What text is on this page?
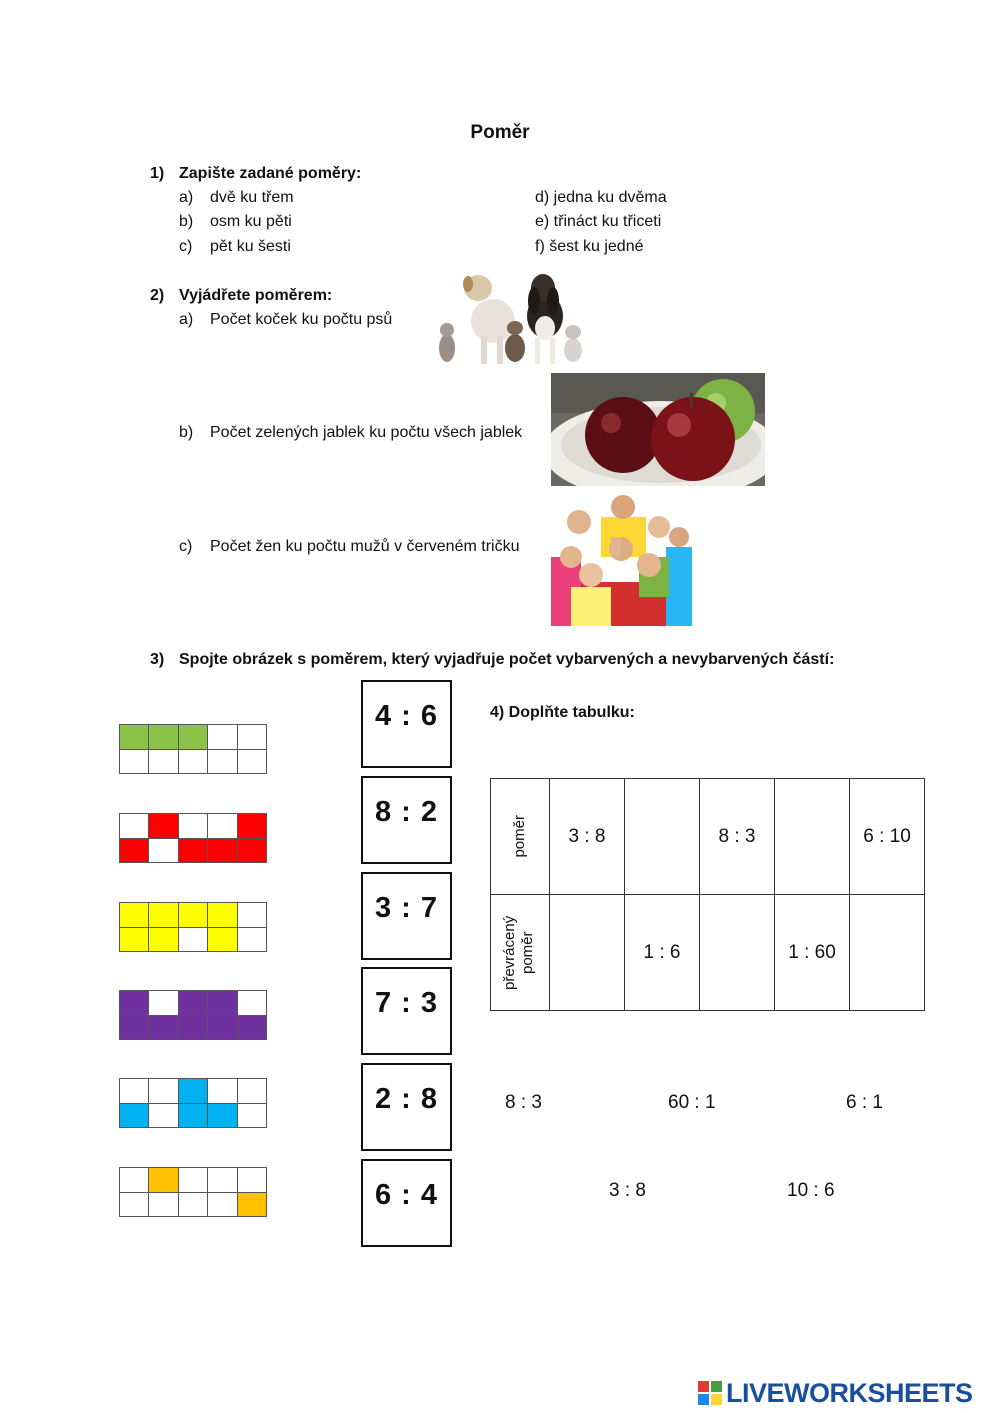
Poměr
1) Zapište zadané poměry:
a) dvě ku třem
b) osm ku pěti
c) pět ku šesti
d) jedna ku dvěma
e) třináct ku třiceti
f) šest ku jedné
2) Vyjádřete poměrem:
a) Počet koček ku počtu psů
b) Počet zelených jablek ku počtu všech jablek
c) Počet žen ku počtu mužů v červeném tričku
3) Spojte obrázek s poměrem, který vyjadřuje počet vybarvených a nevybarvených částí:
4 : 6
8 : 2
3 : 7
7 : 3
2 : 8
6 : 4
4) Doplňte tabulku:
poměr	3 : 8		8 : 3		6 : 10

převrácený poměr		1 : 6		1 : 60	
8 : 3	60 : 1	6 : 1
3 : 8	10 : 6
LIVEWORKSHEETS
